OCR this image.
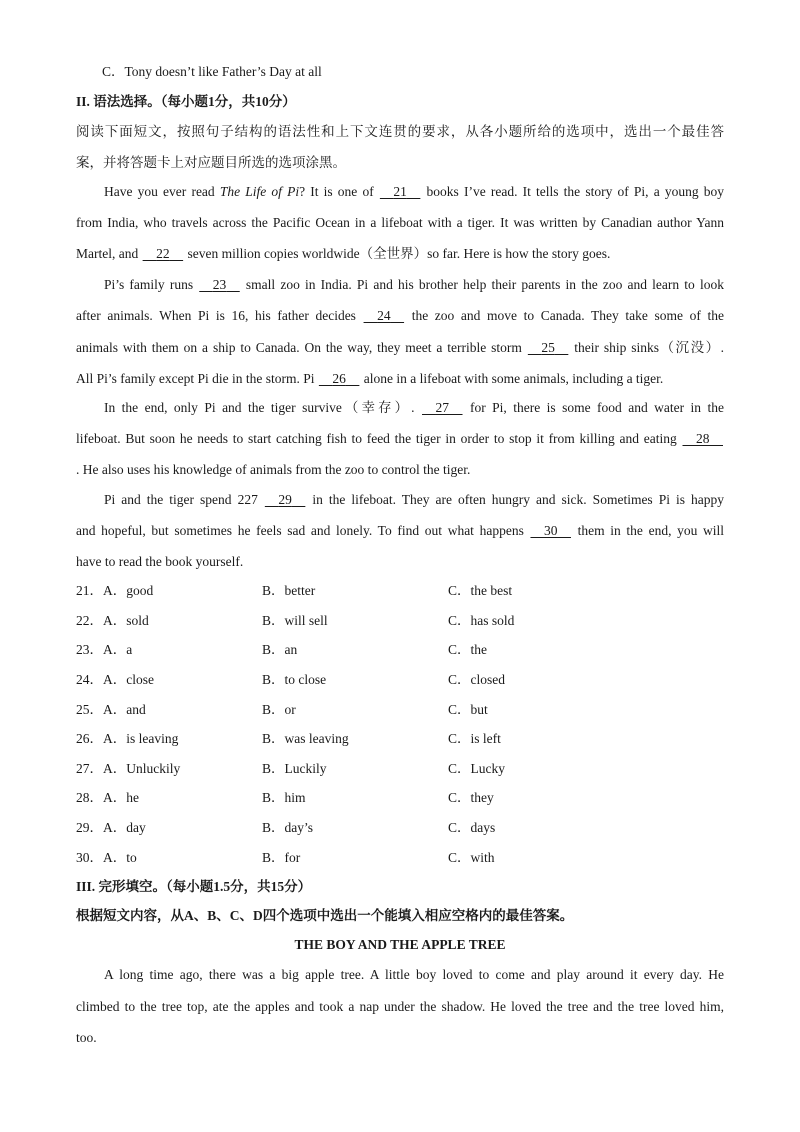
C．Tony doesn’t like Father’s Day at all
II. 语法选择。（每小题1分，共10分）
阅读下面短文，按照句子结构的语法性和上下文连贯的要求，从各小题所给的选项中，选出一个最佳答
案，并将答题卡上对应题目所选的选项涂黑。
Have you ever read The Life of Pi? It is one of 21 books I’ve read. It tells the story of Pi, a young boy
from India, who travels across the Pacific Ocean in a lifeboat with a tiger. It was written by Canadian author Yann
Martel, and 22 seven million copies worldwide（全世界）so far. Here is how the story goes.
Pi’s family runs 23 small zoo in India. Pi and his brother help their parents in the zoo and learn to look
after animals. When Pi is 16, his father decides 24 the zoo and move to Canada. They take some of the
animals with them on a ship to Canada. On the way, they meet a terrible storm 25 their ship sinks（沉没）.
All Pi’s family except Pi die in the storm. Pi 26 alone in a lifeboat with some animals, including a tiger.
In the end, only Pi and the tiger survive（幸存）. 27 for Pi, there is some food and water in the
lifeboat. But soon he needs to start catching fish to feed the tiger in order to stop it from killing and eating 28
. He also uses his knowledge of animals from the zoo to control the tiger.
Pi and the tiger spend 227 29 in the lifeboat. They are often hungry and sick. Sometimes Pi is happy
and hopeful, but sometimes he feels sad and lonely. To find out what happens 30 them in the end, you will
have to read the book yourself.
21．A．good	B．better	C．the best
22．A．sold	B．will sell	C．has sold
23．A．a	B．an	C．the
24．A．close	B．to close	C．closed
25．A．and	B．or	C．but
26．A．is leaving	B．was leaving	C．is left
27．A．Unluckily	B．Luckily	C．Lucky
28．A．he	B．him	C．they
29．A．day	B．day’s	C．days
30．A．to	B．for	C．with
III. 完形填空。（每小题1.5分，共15分）
根据短文内容，从A、B、C、D四个选项中选出一个能填入相应空格内的最佳答案。
THE BOY AND THE APPLE TREE
A long time ago, there was a big apple tree. A little boy loved to come and play around it every day. He
climbed to the tree top, ate the apples and took a nap under the shadow. He loved the tree and the tree loved him,
too.
